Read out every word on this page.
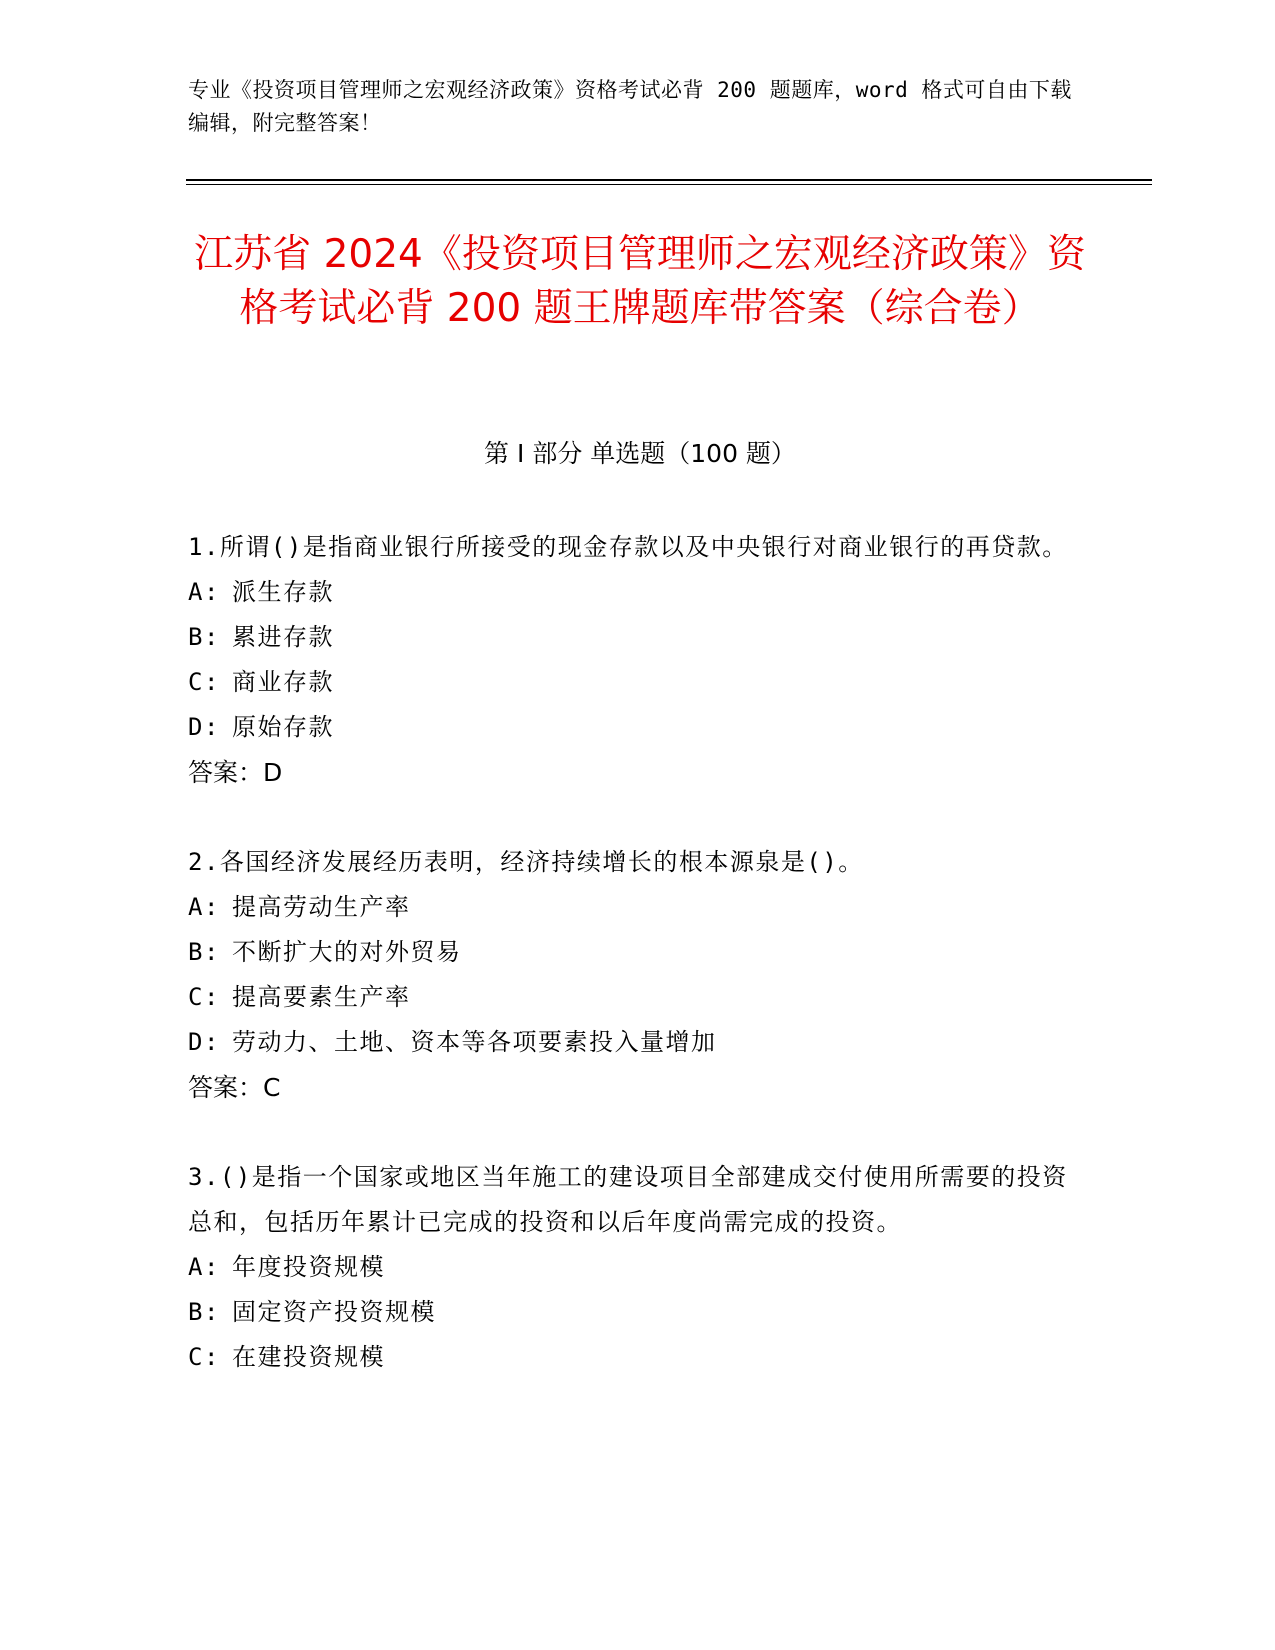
专业《投资项目管理师之宏观经济政策》资格考试必背 200 题题库，word 格式可自由下载编辑，附完整答案！
江苏省 2024《投资项目管理师之宏观经济政策》资格考试必背 200 题王牌题库带答案（综合卷）
第 I 部分 单选题（100 题）

1.所谓()是指商业银行所接受的现金存款以及中央银行对商业银行的再贷款。

A: 派生存款

B: 累进存款

C: 商业存款

D: 原始存款

答案：D

2.各国经济发展经历表明，经济持续增长的根本源泉是()。

A: 提高劳动生产率

B: 不断扩大的对外贸易

C: 提高要素生产率

D: 劳动力、土地、资本等各项要素投入量增加

答案：C

3.()是指一个国家或地区当年施工的建设项目全部建成交付使用所需要的投资总和，包括历年累计已完成的投资和以后年度尚需完成的投资。

A: 年度投资规模

B: 固定资产投资规模

C: 在建投资规模
